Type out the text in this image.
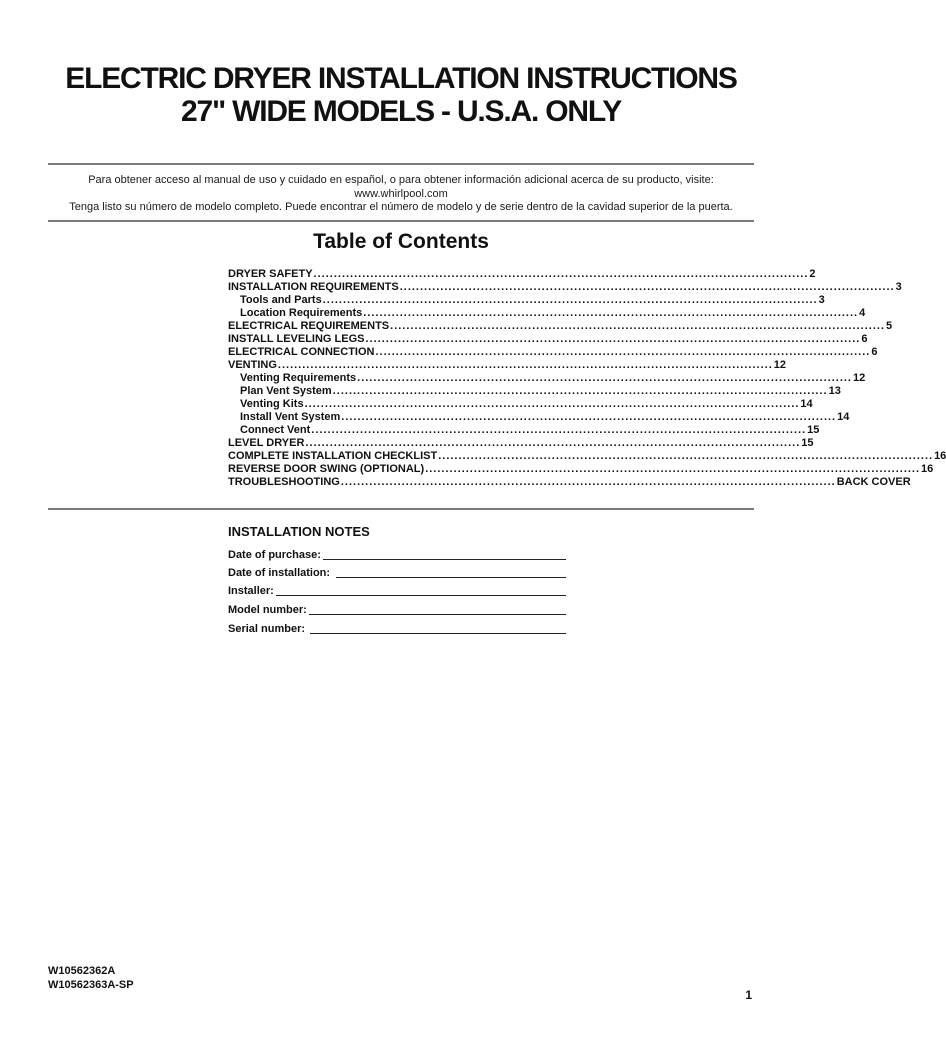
ELECTRIC DRYER INSTALLATION INSTRUCTIONS
27" WIDE MODELS - U.S.A. ONLY
Para obtener acceso al manual de uso y cuidado en español, o para obtener información adicional acerca de su producto, visite:
www.whirlpool.com
Tenga listo su número de modelo completo. Puede encontrar el número de modelo y de serie dentro de la cavidad superior de la puerta.
Table of Contents
DRYER SAFETY .......................................................................................................................... 2
INSTALLATION REQUIREMENTS .......................................................................................................................... 3
Tools and Parts .......................................................................................................................... 3
Location Requirements .......................................................................................................................... 4
ELECTRICAL REQUIREMENTS .......................................................................................................................... 5
INSTALL LEVELING LEGS .......................................................................................................................... 6
ELECTRICAL CONNECTION .......................................................................................................................... 6
VENTING .......................................................................................................................... 12
Venting Requirements .......................................................................................................................... 12
Plan Vent System .......................................................................................................................... 13
Venting Kits .......................................................................................................................... 14
Install Vent System .......................................................................................................................... 14
Connect Vent .......................................................................................................................... 15
LEVEL DRYER .......................................................................................................................... 15
COMPLETE INSTALLATION CHECKLIST .......................................................................................................................... 16
REVERSE DOOR SWING (OPTIONAL) .......................................................................................................................... 16
TROUBLESHOOTING .......................................................................................................................... BACK COVER
INSTALLATION NOTES
Date of purchase:
Date of installation:
Installer:
Model number:
Serial number:
W10562362A
W10562363A-SP
1
